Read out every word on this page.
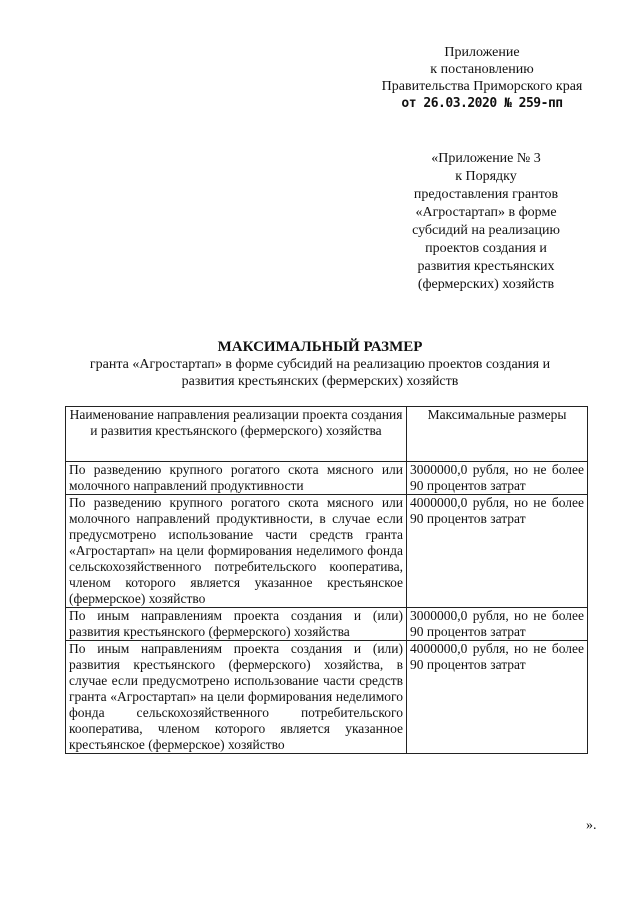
Приложение
к постановлению
Правительства Приморского края
от 26.03.2020 № 259-пп
«Приложение № 3
к Порядку
предоставления грантов
«Агростартап» в форме
субсидий на реализацию
проектов создания и
развития крестьянских
(фермерских) хозяйств
МАКСИМАЛЬНЫЙ РАЗМЕР
гранта «Агростартап» в форме субсидий на реализацию проектов создания и
развития крестьянских (фермерских) хозяйств
Наименование направления реализации проекта создания и развития крестьянского (фермерского) хозяйства	Максимальные размеры
По разведению крупного рогатого скота мясного или молочного направлений продуктивности	3000000,0 рубля, но не более 90 процентов затрат
По разведению крупного рогатого скота мясного или молочного направлений продуктивности, в случае если предусмотрено использование части средств гранта «Агростартап» на цели формирования неделимого фонда сельскохозяйственного потребительского кооператива, членом которого является указанное крестьянское (фермерское) хозяйство	4000000,0 рубля, но не более 90 процентов затрат
По иным направлениям проекта создания и (или) развития крестьянского (фермерского) хозяйства	3000000,0 рубля, но не более 90 процентов затрат
По иным направлениям проекта создания и (или) развития крестьянского (фермерского) хозяйства, в случае если предусмотрено использование части средств гранта «Агростартап» на цели формирования неделимого фонда сельскохозяйственного потребительского кооператива, членом которого является указанное крестьянское (фермерское) хозяйство	4000000,0 рубля, но не более 90 процентов затрат
».
